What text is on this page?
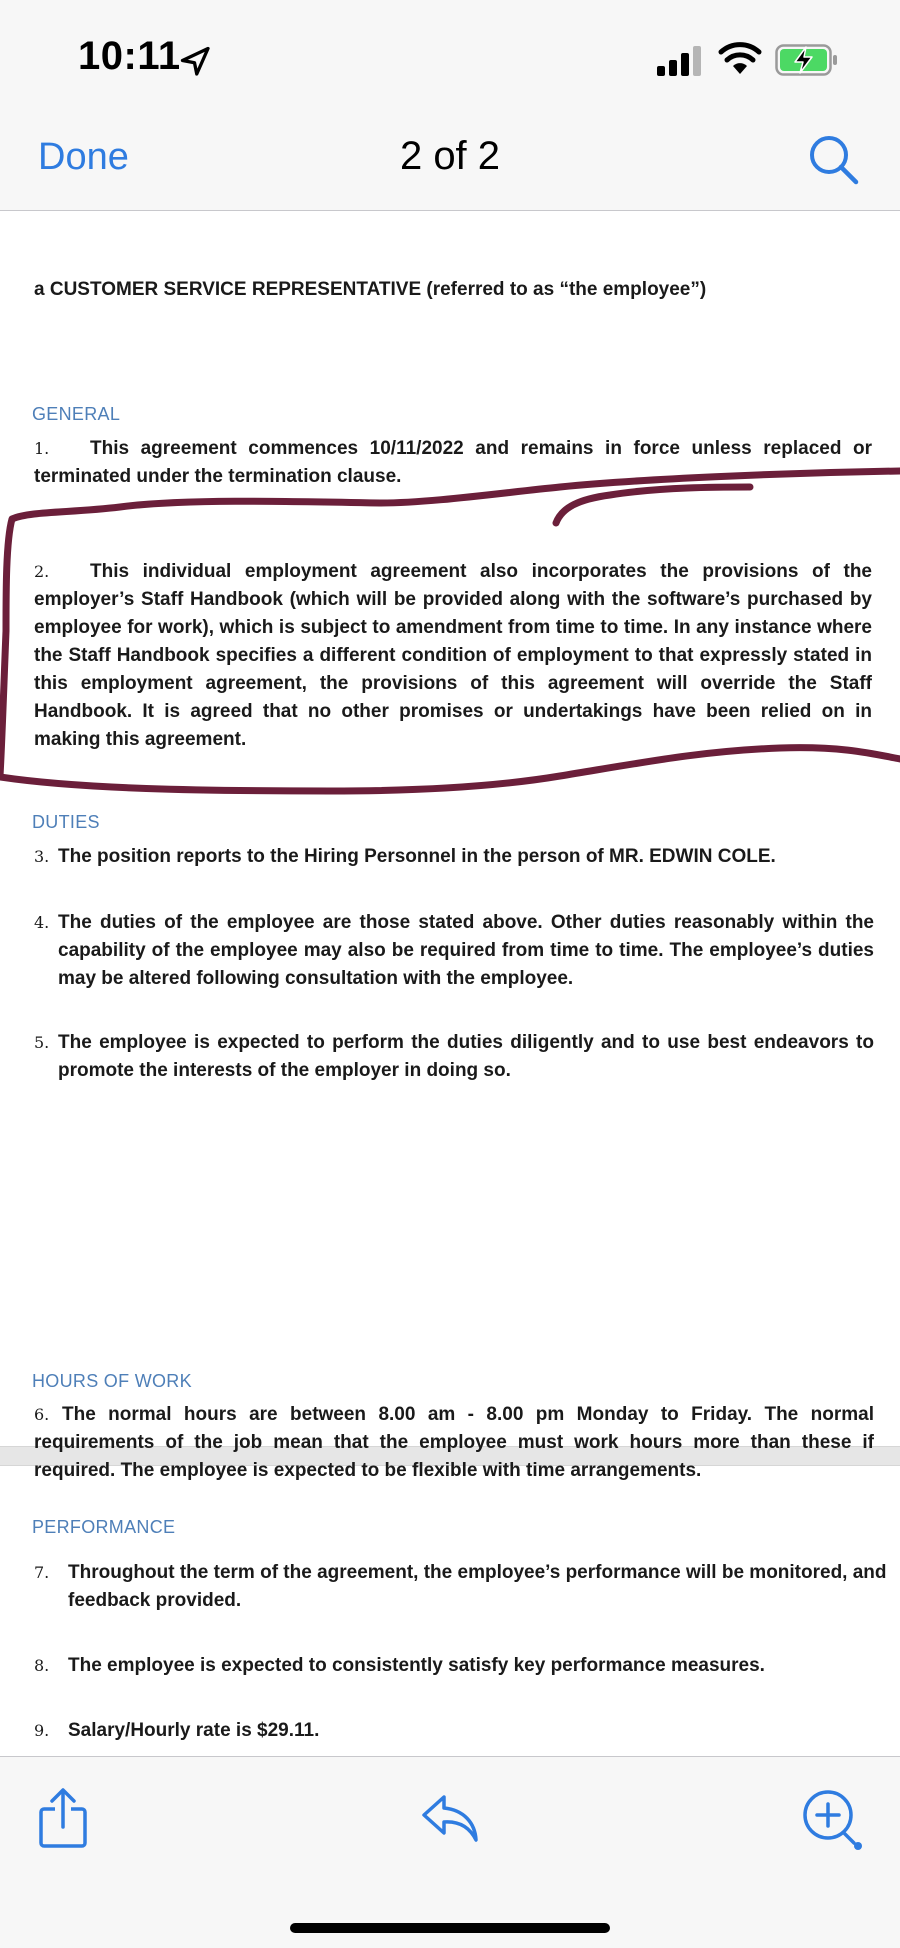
10:11
Done	2 of 2
a CUSTOMER SERVICE REPRESENTATIVE (referred to as “the employee”)
GENERAL
1. This agreement commences 10/11/2022 and remains in force unless replaced or terminated under the termination clause.
2. This individual employment agreement also incorporates the provisions of the employer’s Staff Handbook (which will be provided along with the software’s purchased by employee for work), which is subject to amendment from time to time. In any instance where the Staff Handbook specifies a different condition of employment to that expressly stated in this employment agreement, the provisions of this agreement will override the Staff Handbook. It is agreed that no other promises or undertakings have been relied on in making this agreement.
DUTIES
3. The position reports to the Hiring Personnel in the person of MR. EDWIN COLE.
4. The duties of the employee are those stated above. Other duties reasonably within the capability of the employee may also be required from time to time. The employee’s duties may be altered following consultation with the employee.
5. The employee is expected to perform the duties diligently and to use best endeavors to promote the interests of the employer in doing so.
HOURS OF WORK
6. The normal hours are between 8.00 am - 8.00 pm Monday to Friday. The normal requirements of the job mean that the employee must work hours more than these if required. The employee is expected to be flexible with time arrangements.
PERFORMANCE
7. Throughout the term of the agreement, the employee’s performance will be monitored, and feedback provided.
8. The employee is expected to consistently satisfy key performance measures.
9. Salary/Hourly rate is $29.11.
